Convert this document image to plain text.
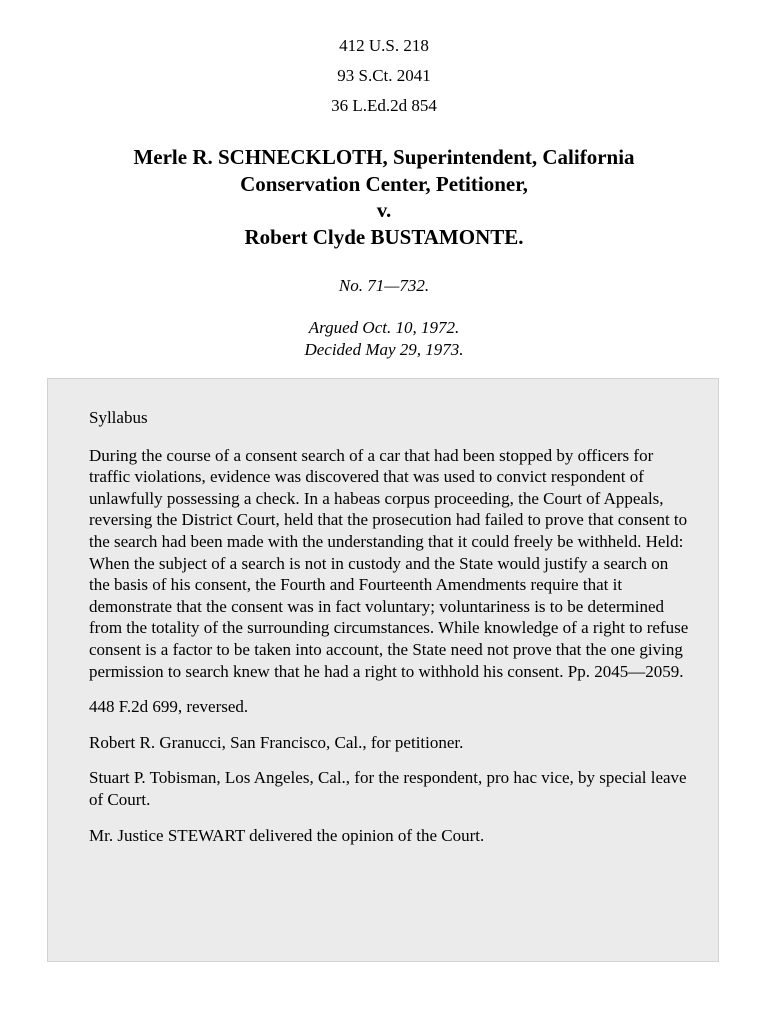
412 U.S. 218
93 S.Ct. 2041
36 L.Ed.2d 854
Merle R. SCHNECKLOTH, Superintendent, California
Conservation Center, Petitioner,
v.
Robert Clyde BUSTAMONTE.
No. 71—732.
Argued Oct. 10, 1972.
Decided May 29, 1973.

Syllabus

During the course of a consent search of a car that had been stopped by officers for traffic violations, evidence was discovered that was used to convict respondent of unlawfully possessing a check. In a habeas corpus proceeding, the Court of Appeals, reversing the District Court, held that the prosecution had failed to prove that consent to the search had been made with the understanding that it could freely be withheld. Held: When the subject of a search is not in custody and the State would justify a search on the basis of his consent, the Fourth and Fourteenth Amendments require that it demonstrate that the consent was in fact voluntary; voluntariness is to be determined from the totality of the surrounding circumstances. While knowledge of a right to refuse consent is a factor to be taken into account, the State need not prove that the one giving permission to search knew that he had a right to withhold his consent. Pp. 2045—2059.

448 F.2d 699, reversed.

Robert R. Granucci, San Francisco, Cal., for petitioner.

Stuart P. Tobisman, Los Angeles, Cal., for the respondent, pro hac vice, by special leave of Court.

Mr. Justice STEWART delivered the opinion of the Court.
